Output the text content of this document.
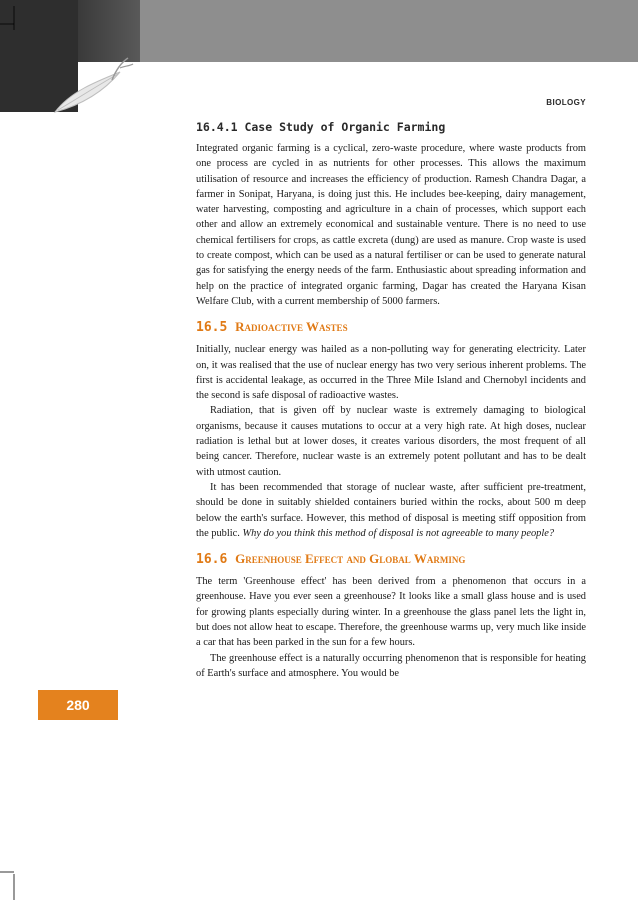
BIOLOGY
280
16.4.1 Case Study of Organic Farming

Integrated organic farming is a cyclical, zero-waste procedure, where waste products from one process are cycled in as nutrients for other processes. This allows the maximum utilisation of resource and increases the efficiency of production. Ramesh Chandra Dagar, a farmer in Sonipat, Haryana, is doing just this. He includes bee-keeping, dairy management, water harvesting, composting and agriculture in a chain of processes, which support each other and allow an extremely economical and sustainable venture. There is no need to use chemical fertilisers for crops, as cattle excreta (dung) are used as manure. Crop waste is used to create compost, which can be used as a natural fertiliser or can be used to generate natural gas for satisfying the energy needs of the farm. Enthusiastic about spreading information and help on the practice of integrated organic farming, Dagar has created the Haryana Kisan Welfare Club, with a current membership of 5000 farmers.

16.5 Radioactive Wastes

Initially, nuclear energy was hailed as a non-polluting way for generating electricity. Later on, it was realised that the use of nuclear energy has two very serious inherent problems. The first is accidental leakage, as occurred in the Three Mile Island and Chernobyl incidents and the second is safe disposal of radioactive wastes.

Radiation, that is given off by nuclear waste is extremely damaging to biological organisms, because it causes mutations to occur at a very high rate. At high doses, nuclear radiation is lethal but at lower doses, it creates various disorders, the most frequent of all being cancer. Therefore, nuclear waste is an extremely potent pollutant and has to be dealt with utmost caution.

It has been recommended that storage of nuclear waste, after sufficient pre-treatment, should be done in suitably shielded containers buried within the rocks, about 500 m deep below the earth's surface. However, this method of disposal is meeting stiff opposition from the public. Why do you think this method of disposal is not agreeable to many people?

16.6 Greenhouse Effect and Global Warming

The term 'Greenhouse effect' has been derived from a phenomenon that occurs in a greenhouse. Have you ever seen a greenhouse? It looks like a small glass house and is used for growing plants especially during winter. In a greenhouse the glass panel lets the light in, but does not allow heat to escape. Therefore, the greenhouse warms up, very much like inside a car that has been parked in the sun for a few hours.

The greenhouse effect is a naturally occurring phenomenon that is responsible for heating of Earth's surface and atmosphere. You would be
